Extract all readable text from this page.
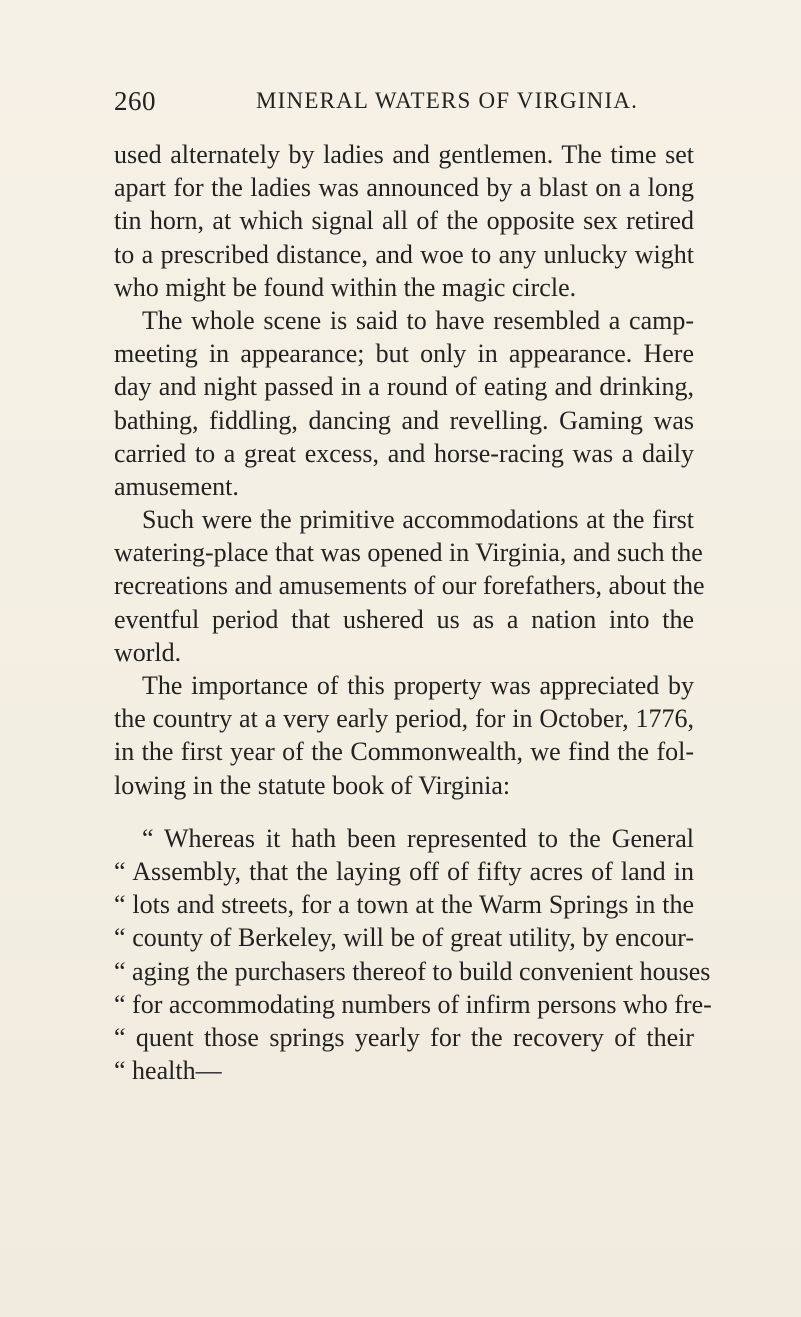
260	MINERAL WATERS OF VIRGINIA.
used alternately by ladies and gentlemen. The time set
apart for the ladies was announced by a blast on a long
tin horn, at which signal all of the opposite sex retired
to a prescribed distance, and woe to any unlucky wight
who might be found within the magic circle.
The whole scene is said to have resembled a camp-
meeting in appearance; but only in appearance. Here
day and night passed in a round of eating and drinking,
bathing, fiddling, dancing and revelling. Gaming was
carried to a great excess, and horse-racing was a daily
amusement.
Such were the primitive accommodations at the first
watering-place that was opened in Virginia, and such the
recreations and amusements of our forefathers, about the
eventful period that ushered us as a nation into the
world.
The importance of this property was appreciated by
the country at a very early period, for in October, 1776,
in the first year of the Commonwealth, we find the fol-
lowing in the statute book of Virginia:
“ Whereas it hath been represented to the General
“ Assembly, that the laying off of fifty acres of land in
“ lots and streets, for a town at the Warm Springs in the
“ county of Berkeley, will be of great utility, by encour-
“ aging the purchasers thereof to build convenient houses
“ for accommodating numbers of infirm persons who fre-
“ quent those springs yearly for the recovery of their
“ health—
